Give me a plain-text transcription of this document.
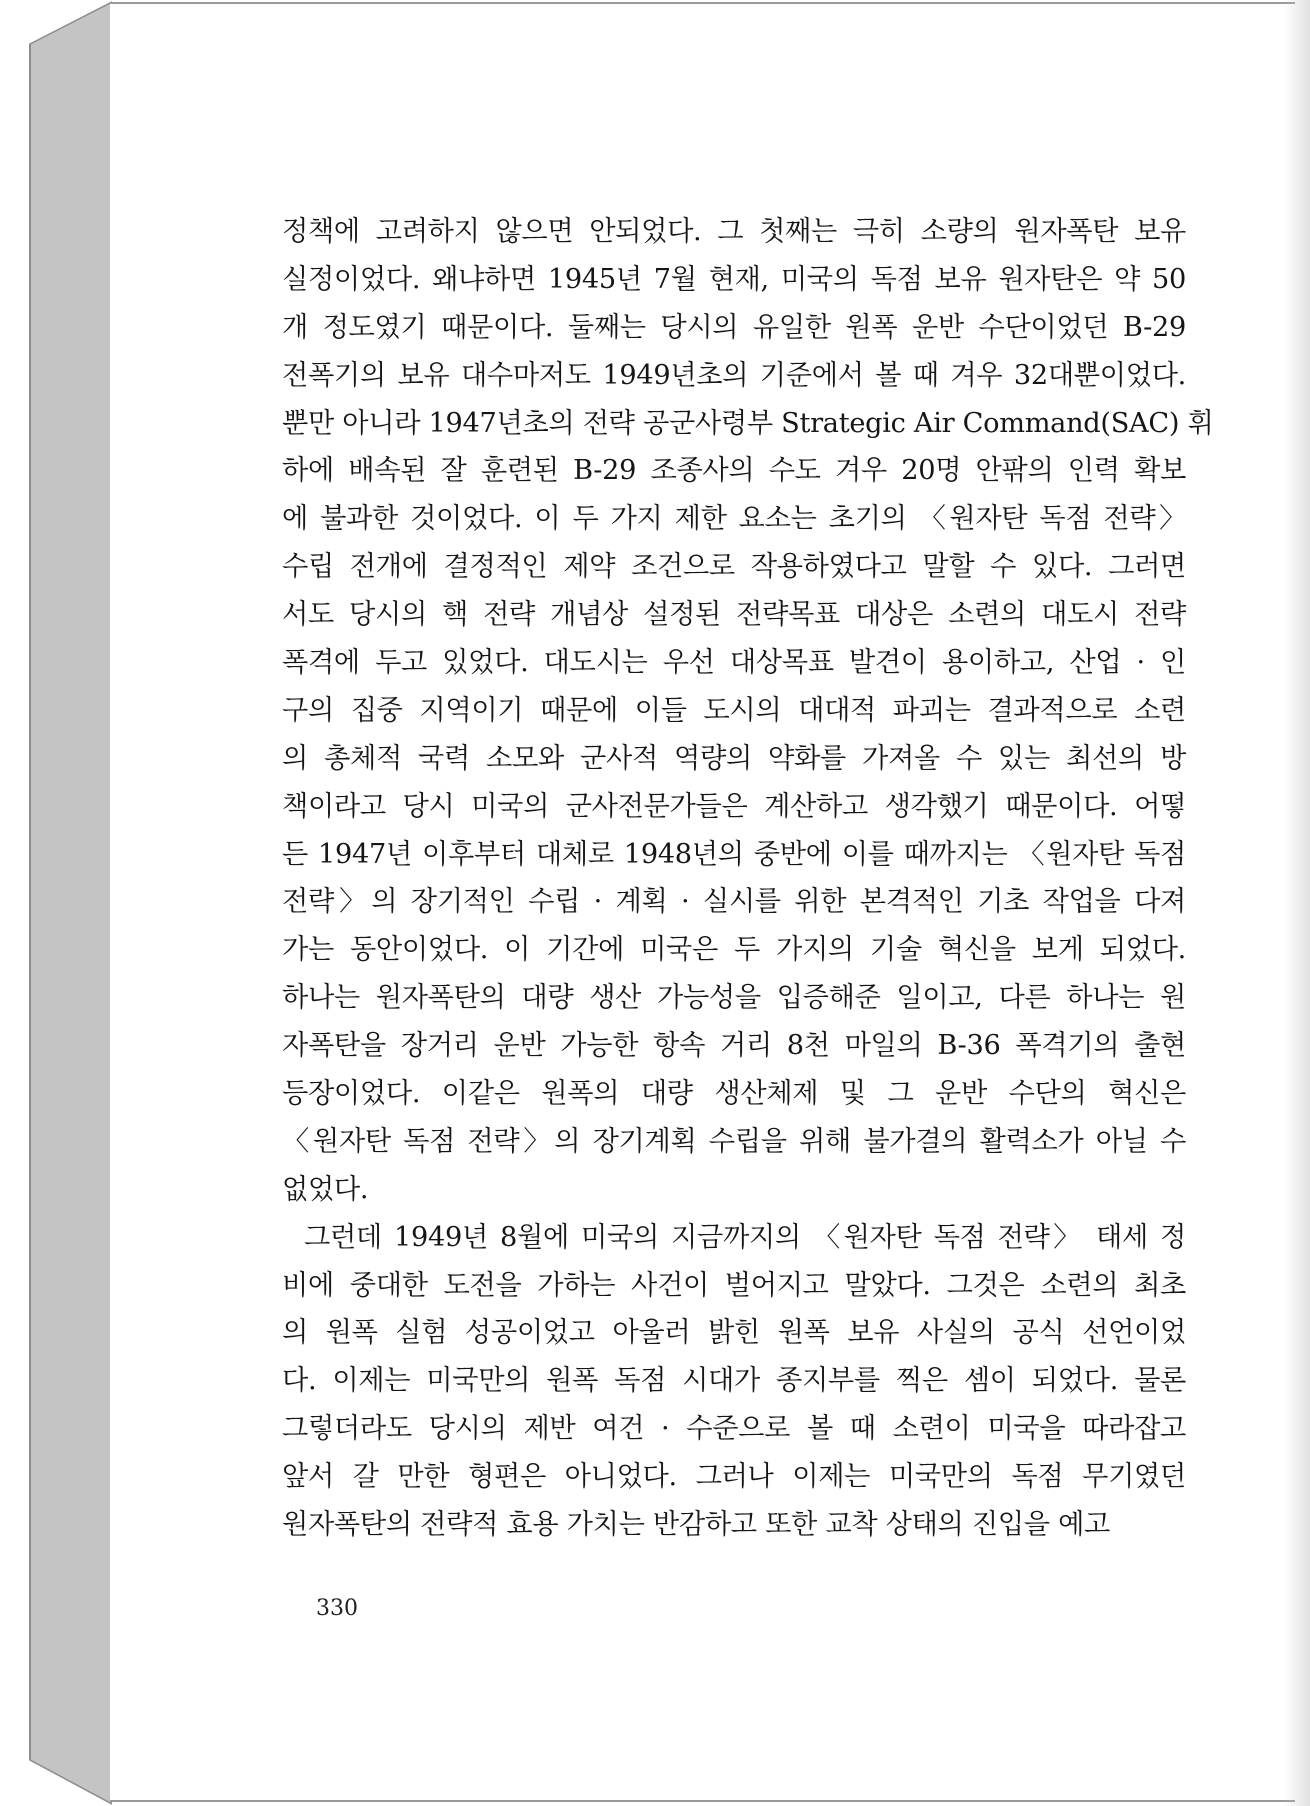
정책에 고려하지 않으면 안되었다. 그 첫째는 극히 소량의 원자폭탄 보유
실정이었다. 왜냐하면 1945년 7월 현재, 미국의 독점 보유 원자탄은 약 50
개 정도였기 때문이다. 둘째는 당시의 유일한 원폭 운반 수단이었던 B-29
전폭기의 보유 대수마저도 1949년초의 기준에서 볼 때 겨우 32대뿐이었다.
뿐만 아니라 1947년초의 전략 공군사령부 Strategic Air Command(SAC) 휘
하에 배속된 잘 훈련된 B-29 조종사의 수도 겨우 20명 안팎의 인력 확보
에 불과한 것이었다. 이 두 가지 제한 요소는 초기의 〈원자탄 독점 전략〉
수립 전개에 결정적인 제약 조건으로 작용하였다고 말할 수 있다. 그러면
서도 당시의 핵 전략 개념상 설정된 전략목표 대상은 소련의 대도시 전략
폭격에 두고 있었다. 대도시는 우선 대상목표 발견이 용이하고, 산업 · 인
구의 집중 지역이기 때문에 이들 도시의 대대적 파괴는 결과적으로 소련
의 총체적 국력 소모와 군사적 역량의 약화를 가져올 수 있는 최선의 방
책이라고 당시 미국의 군사전문가들은 계산하고 생각했기 때문이다. 어떻
든 1947년 이후부터 대체로 1948년의 중반에 이를 때까지는 〈원자탄 독점
전략〉의 장기적인 수립 · 계획 · 실시를 위한 본격적인 기초 작업을 다져
가는 동안이었다. 이 기간에 미국은 두 가지의 기술 혁신을 보게 되었다.
하나는 원자폭탄의 대량 생산 가능성을 입증해준 일이고, 다른 하나는 원
자폭탄을 장거리 운반 가능한 항속 거리 8천 마일의 B-36 폭격기의 출현
등장이었다. 이같은 원폭의 대량 생산체제 및 그 운반 수단의 혁신은
〈원자탄 독점 전략〉의 장기계획 수립을 위해 불가결의 활력소가 아닐 수
없었다.
그런데 1949년 8월에 미국의 지금까지의 〈원자탄 독점 전략〉 태세 정
비에 중대한 도전을 가하는 사건이 벌어지고 말았다. 그것은 소련의 최초
의 원폭 실험 성공이었고 아울러 밝힌 원폭 보유 사실의 공식 선언이었
다. 이제는 미국만의 원폭 독점 시대가 종지부를 찍은 셈이 되었다. 물론
그렇더라도 당시의 제반 여건 · 수준으로 볼 때 소련이 미국을 따라잡고
앞서 갈 만한 형편은 아니었다. 그러나 이제는 미국만의 독점 무기였던
원자폭탄의 전략적 효용 가치는 반감하고 또한 교착 상태의 진입을 예고
330
